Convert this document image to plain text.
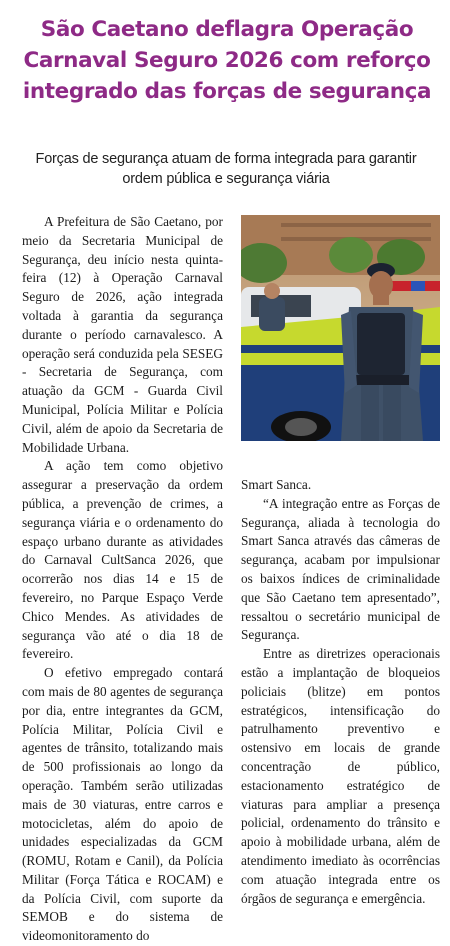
São Caetano deflagra Operação Carnaval Seguro 2026 com reforço integrado das forças de segurança
Forças de segurança atuam de forma integrada para garantir ordem pública e segurança viária

A Prefeitura de São Caetano, por meio da Secretaria Municipal de Segurança, deu início nesta quinta-feira (12) à Operação Carnaval Seguro de 2026, ação integrada voltada à garantia da segurança durante o período carnavalesco. A operação será conduzida pela SESEG - Secretaria de Segurança, com atuação da GCM - Guarda Civil Municipal, Polícia Militar e Polícia Civil, além de apoio da Secretaria de Mobilidade Urbana.

A ação tem como objetivo assegurar a preservação da ordem pública, a prevenção de crimes, a segurança viária e o ordenamento do espaço urbano durante as atividades do Carnaval CultSanca 2026, que ocorrerão nos dias 14 e 15 de fevereiro, no Parque Espaço Verde Chico Mendes. As atividades de segurança vão até o dia 18 de fevereiro.

O efetivo empregado contará com mais de 80 agentes de segurança por dia, entre integrantes da GCM, Polícia Militar, Polícia Civil e agentes de trânsito, totalizando mais de 500 profissionais ao longo da operação. Também serão utilizadas mais de 30 viaturas, entre carros e motocicletas, além do apoio de unidades especializadas da GCM (ROMU, Rotam e Canil), da Polícia Militar (Força Tática e ROCAM) e da Polícia Civil, com suporte da SEMOB e do sistema de videomonitoramento do

Smart Sanca.

“A integração entre as Forças de Segurança, aliada à tecnologia do Smart Sanca através das câmeras de segurança, acabam por impulsionar os baixos índices de criminalidade que São Caetano tem apresentado”, ressaltou o secretário municipal de Segurança.

Entre as diretrizes operacionais estão a implantação de bloqueios policiais (blitze) em pontos estratégicos, intensificação do patrulhamento preventivo e ostensivo em locais de grande concentração de público, estacionamento estratégico de viaturas para ampliar a presença policial, ordenamento do trânsito e apoio à mobilidade urbana, além de atendimento imediato às ocorrências com atuação integrada entre os órgãos de segurança e emergência.
